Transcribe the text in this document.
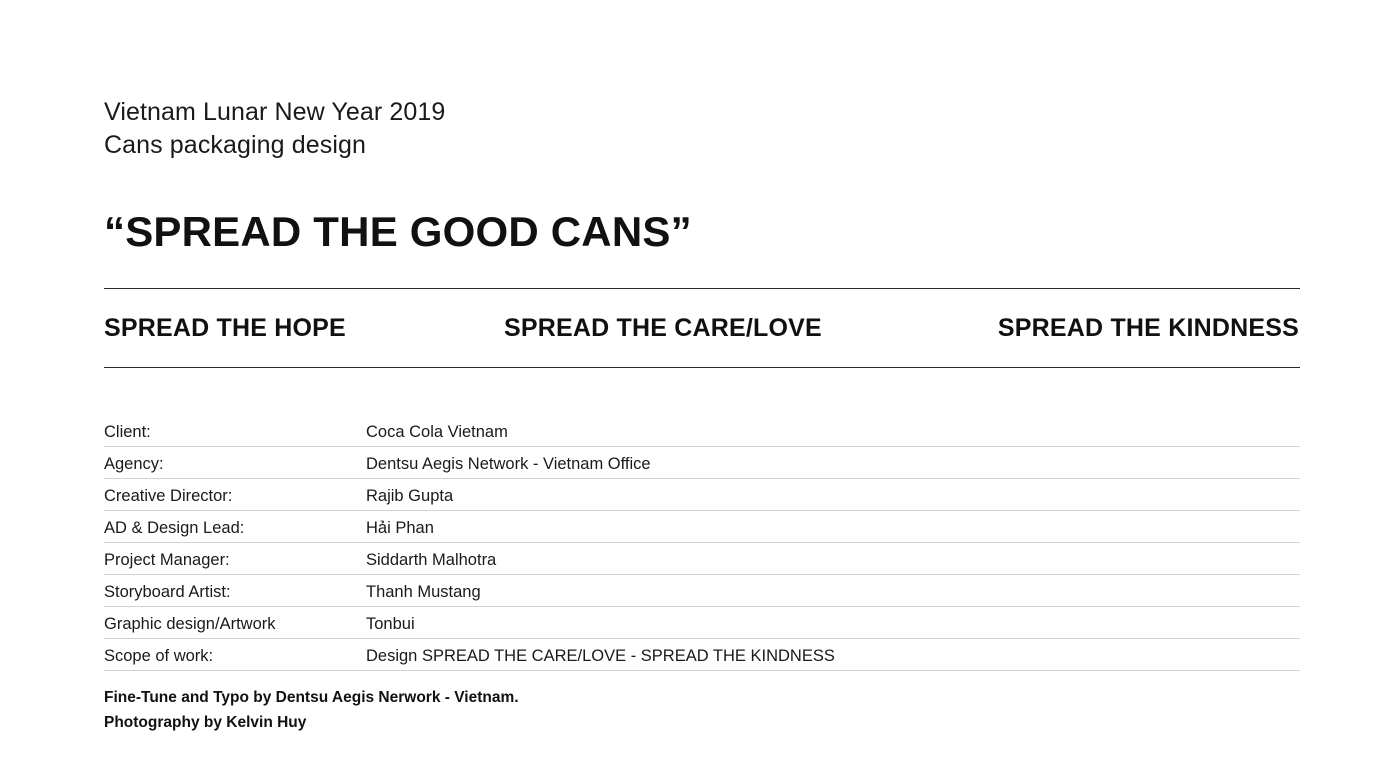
Vietnam Lunar New Year 2019
Cans packaging design
“SPREAD THE GOOD CANS”
SPREAD THE HOPE	SPREAD THE CARE/LOVE	SPREAD THE KINDNESS
Client:	Coca Cola Vietnam
Agency:	Dentsu Aegis Network - Vietnam Office
Creative Director:	Rajib Gupta
AD & Design Lead:	Hải Phan
Project Manager:	Siddarth Malhotra
Storyboard Artist:	Thanh Mustang
Graphic design/Artwork	Tonbui
Scope of work:	Design SPREAD THE CARE/LOVE - SPREAD THE KINDNESS
Fine-Tune and Typo by Dentsu Aegis Nerwork - Vietnam.
Photography by Kelvin Huy
